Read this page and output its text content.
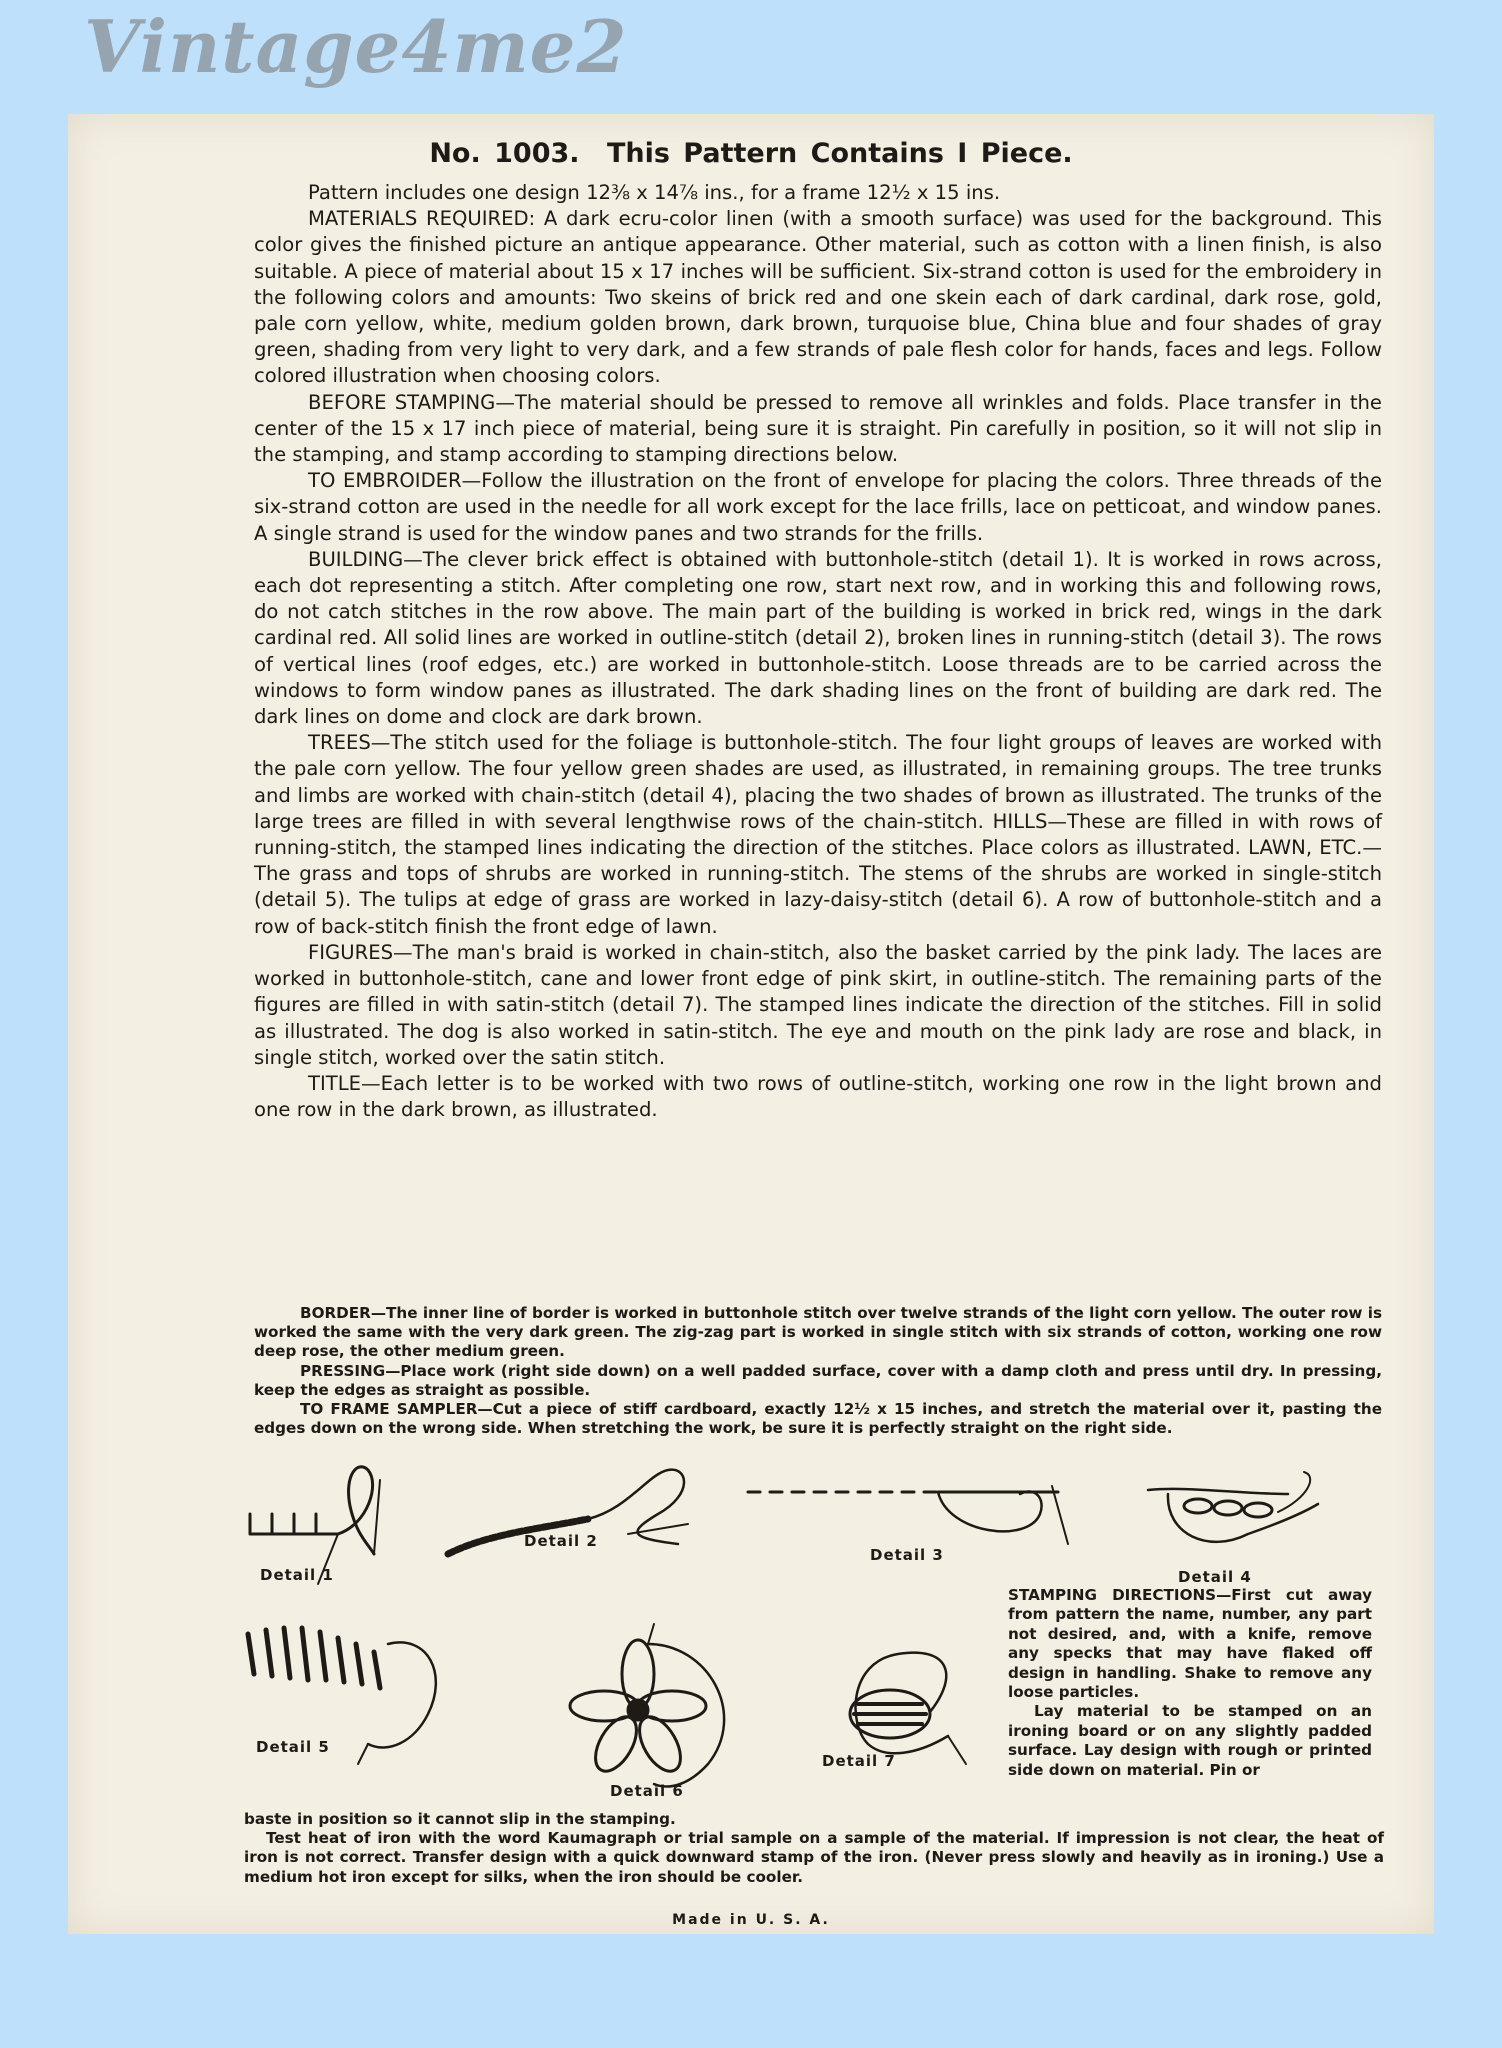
Vintage4me2
No. 1003. This Pattern Contains I Piece.

Pattern includes one design 12⅜ x 14⅞ ins., for a frame 12½ x 15 ins.

MATERIALS REQUIRED: A dark ecru-color linen (with a smooth surface) was used for the background. This color gives the finished picture an antique appearance. Other material, such as cotton with a linen finish, is also suitable. A piece of material about 15 x 17 inches will be sufficient. Six-strand cotton is used for the embroidery in the following colors and amounts: Two skeins of brick red and one skein each of dark cardinal, dark rose, gold, pale corn yellow, white, medium golden brown, dark brown, turquoise blue, China blue and four shades of gray green, shading from very light to very dark, and a few strands of pale flesh color for hands, faces and legs. Follow colored illustration when choosing colors.

BEFORE STAMPING—The material should be pressed to remove all wrinkles and folds. Place transfer in the center of the 15 x 17 inch piece of material, being sure it is straight. Pin carefully in position, so it will not slip in the stamping, and stamp according to stamping directions below.

TO EMBROIDER—Follow the illustration on the front of envelope for placing the colors. Three threads of the six-strand cotton are used in the needle for all work except for the lace frills, lace on petticoat, and window panes. A single strand is used for the window panes and two strands for the frills.

BUILDING—The clever brick effect is obtained with buttonhole-stitch (detail 1). It is worked in rows across, each dot representing a stitch. After completing one row, start next row, and in working this and following rows, do not catch stitches in the row above. The main part of the building is worked in brick red, wings in the dark cardinal red. All solid lines are worked in outline-stitch (detail 2), broken lines in running-stitch (detail 3). The rows of vertical lines (roof edges, etc.) are worked in buttonhole-stitch. Loose threads are to be carried across the windows to form window panes as illustrated. The dark shading lines on the front of building are dark red. The dark lines on dome and clock are dark brown.

TREES—The stitch used for the foliage is buttonhole-stitch. The four light groups of leaves are worked with the pale corn yellow. The four yellow green shades are used, as illustrated, in remaining groups. The tree trunks and limbs are worked with chain-stitch (detail 4), placing the two shades of brown as illustrated. The trunks of the large trees are filled in with several lengthwise rows of the chain-stitch. HILLS—These are filled in with rows of running-stitch, the stamped lines indicating the direction of the stitches. Place colors as illustrated. LAWN, ETC.—The grass and tops of shrubs are worked in running-stitch. The stems of the shrubs are worked in single-stitch (detail 5). The tulips at edge of grass are worked in lazy-daisy-stitch (detail 6). A row of buttonhole-stitch and a row of back-stitch finish the front edge of lawn.

FIGURES—The man's braid is worked in chain-stitch, also the basket carried by the pink lady. The laces are worked in buttonhole-stitch, cane and lower front edge of pink skirt, in outline-stitch. The remaining parts of the figures are filled in with satin-stitch (detail 7). The stamped lines indicate the direction of the stitches. Fill in solid as illustrated. The dog is also worked in satin-stitch. The eye and mouth on the pink lady are rose and black, in single stitch, worked over the satin stitch.

TITLE—Each letter is to be worked with two rows of outline-stitch, working one row in the light brown and one row in the dark brown, as illustrated.

BORDER—The inner line of border is worked in buttonhole stitch over twelve strands of the light corn yellow. The outer row is worked the same with the very dark green. The zig-zag part is worked in single stitch with six strands of cotton, working one row deep rose, the other medium green.

PRESSING—Place work (right side down) on a well padded surface, cover with a damp cloth and press until dry. In pressing, keep the edges as straight as possible.

TO FRAME SAMPLER—Cut a piece of stiff cardboard, exactly 12½ x 15 inches, and stretch the material over it, pasting the edges down on the wrong side. When stretching the work, be sure it is perfectly straight on the right side.

Detail 1
Detail 2
Detail 3
Detail 4
Detail 5
Detail 6
Detail 7

STAMPING DIRECTIONS—First cut away from pattern the name, number, any part not desired, and, with a knife, remove any specks that may have flaked off design in handling. Shake to remove any loose particles.

Lay material to be stamped on an ironing board or on any slightly padded surface. Lay design with rough or printed side down on material. Pin or

baste in position so it cannot slip in the stamping.

Test heat of iron with the word Kaumagraph or trial sample on a sample of the material. If impression is not clear, the heat of iron is not correct. Transfer design with a quick downward stamp of the iron. (Never press slowly and heavily as in ironing.) Use a medium hot iron except for silks, when the iron should be cooler.

Made in U. S. A.
